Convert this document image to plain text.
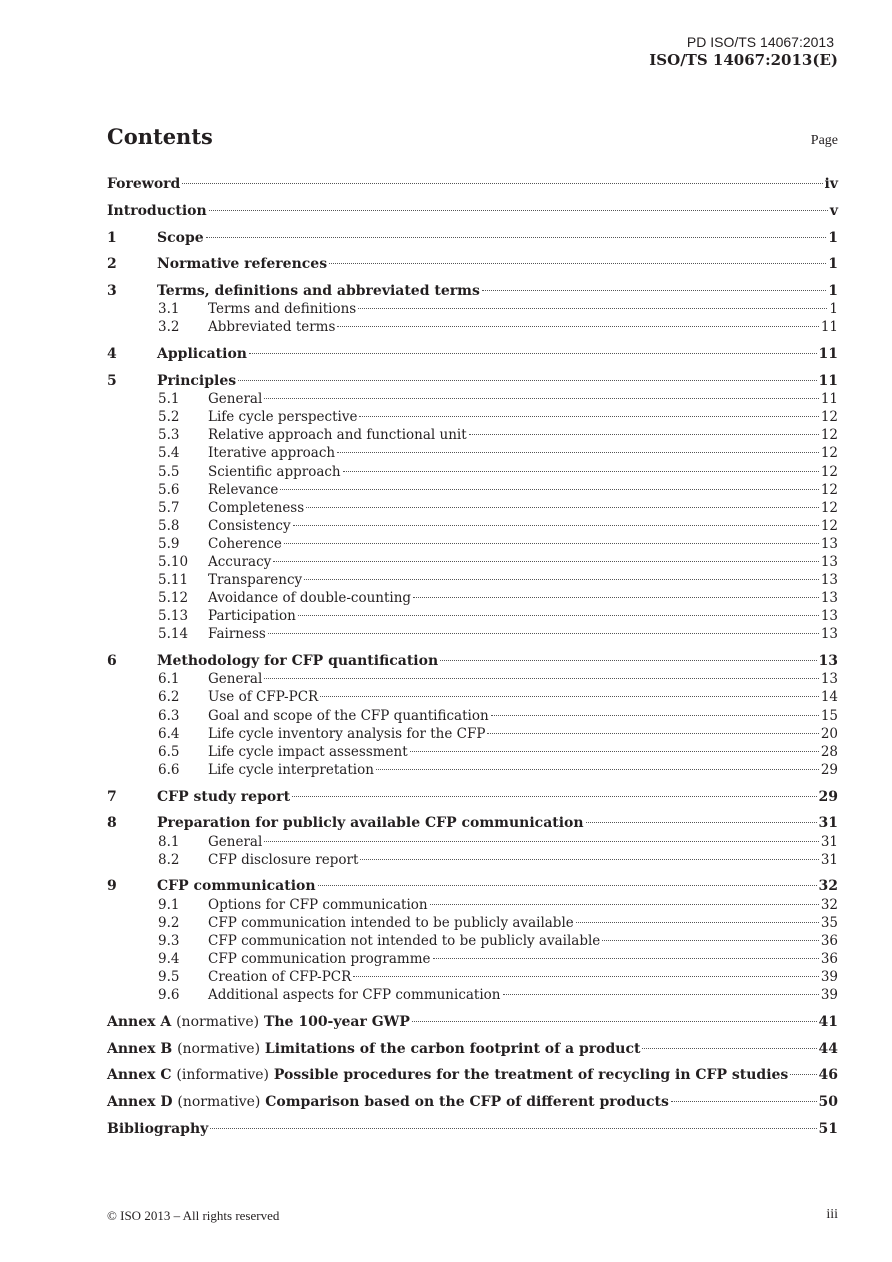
PD ISO/TS 14067:2013
ISO/TS 14067:2013(E)
Contents	Page
Foreword	iv
Introduction	v
1	Scope	1
2	Normative references	1
3	Terms, definitions and abbreviated terms	1
3.1	Terms and definitions	1
3.2	Abbreviated terms	11
4	Application	11
5	Principles	11
5.1	General	11
5.2	Life cycle perspective	12
5.3	Relative approach and functional unit	12
5.4	Iterative approach	12
5.5	Scientific approach	12
5.6	Relevance	12
5.7	Completeness	12
5.8	Consistency	12
5.9	Coherence	13
5.10	Accuracy	13
5.11	Transparency	13
5.12	Avoidance of double-counting	13
5.13	Participation	13
5.14	Fairness	13
6	Methodology for CFP quantification	13
6.1	General	13
6.2	Use of CFP-PCR	14
6.3	Goal and scope of the CFP quantification	15
6.4	Life cycle inventory analysis for the CFP	20
6.5	Life cycle impact assessment	28
6.6	Life cycle interpretation	29
7	CFP study report	29
8	Preparation for publicly available CFP communication	31
8.1	General	31
8.2	CFP disclosure report	31
9	CFP communication	32
9.1	Options for CFP communication	32
9.2	CFP communication intended to be publicly available	35
9.3	CFP communication not intended to be publicly available	36
9.4	CFP communication programme	36
9.5	Creation of CFP-PCR	39
9.6	Additional aspects for CFP communication	39
Annex A (normative) The 100-year GWP	41
Annex B (normative) Limitations of the carbon footprint of a product	44
Annex C (informative) Possible procedures for the treatment of recycling in CFP studies 46
Annex D (normative) Comparison based on the CFP of different products	50
Bibliography	51
© ISO 2013 – All rights reserved	iii
